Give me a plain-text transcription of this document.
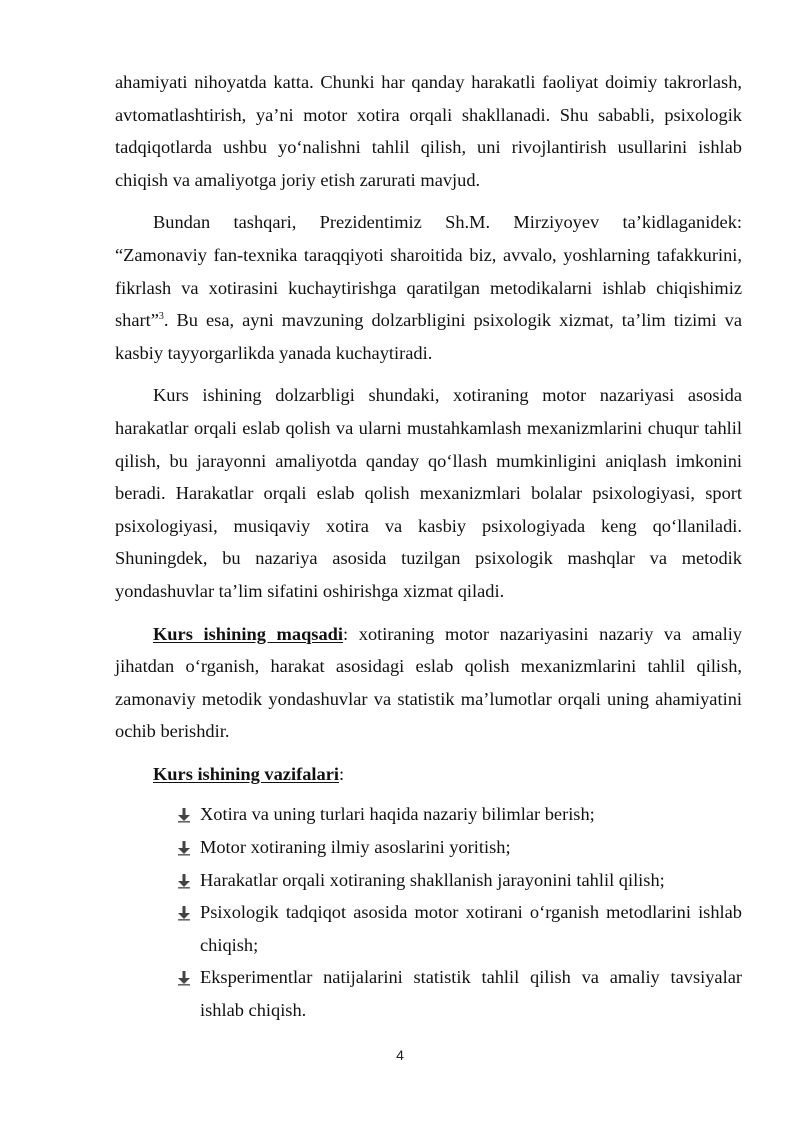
ahamiyati nihoyatda katta. Chunki har qanday harakatli faoliyat doimiy takrorlash, avtomatlashtirish, ya’ni motor xotira orqali shakllanadi. Shu sababli, psixologik tadqiqotlarda ushbu yo‘nalishni tahlil qilish, uni rivojlantirish usullarini ishlab chiqish va amaliyotga joriy etish zarurati mavjud.

Bundan tashqari, Prezidentimiz Sh.M. Mirziyoyev ta’kidlaganidek: “Zamonaviy fan-texnika taraqqiyoti sharoitida biz, avvalo, yoshlarning tafakkurini, fikrlash va xotirasini kuchaytirishga qaratilgan metodikalarni ishlab chiqishimiz shart”$^3$. Bu esa, ayni mavzuning dolzarbligini psixologik xizmat, ta’lim tizimi va kasbiy tayyorgarlikda yanada kuchaytiradi.

Kurs ishining dolzarbligi shundaki, xotiraning motor nazariyasi asosida harakatlar orqali eslab qolish va ularni mustahkamlash mexanizmlarini chuqur tahlil qilish, bu jarayonni amaliyotda qanday qo‘llash mumkinligini aniqlash imkonini beradi. Harakatlar orqali eslab qolish mexanizmlari bolalar psixologiyasi, sport psixologiyasi, musiqaviy xotira va kasbiy psixologiyada keng qo‘llaniladi. Shuningdek, bu nazariya asosida tuzilgan psixologik mashqlar va metodik yondashuvlar ta’lim sifatini oshirishga xizmat qiladi.

Kurs ishining maqsadi: xotiraning motor nazariyasini nazariy va amaliy jihatdan o‘rganish, harakat asosidagi eslab qolish mexanizmlarini tahlil qilish, zamonaviy metodik yondashuvlar va statistik ma’lumotlar orqali uning ahamiyatini ochib berishdir.

Kurs ishining vazifalari:

Xotira va uning turlari haqida nazariy bilimlar berish;
Motor xotiraning ilmiy asoslarini yoritish;
Harakatlar orqali xotiraning shakllanish jarayonini tahlil qilish;
Psixologik tadqiqot asosida motor xotirani o‘rganish metodlarini ishlab chiqish;
Eksperimentlar natijalarini statistik tahlil qilish va amaliy tavsiyalar ishlab chiqish.
4
